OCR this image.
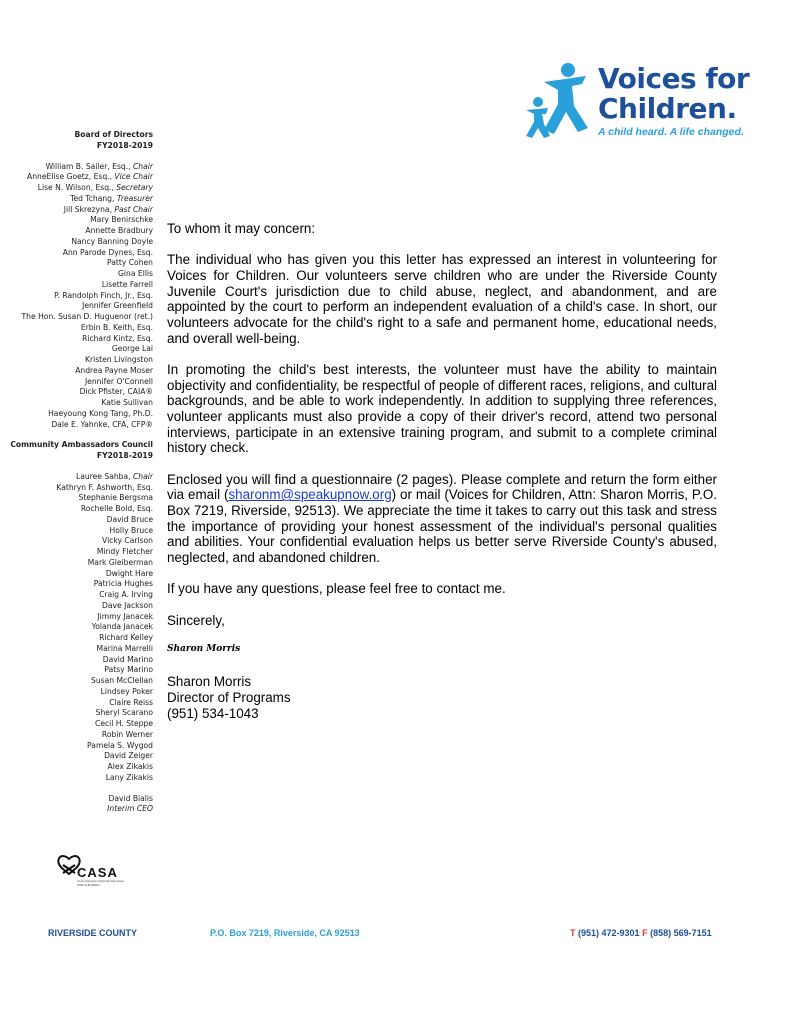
Voices for
Children.
A child heard. A life changed.
Board of Directors
FY2018-2019
William B. Sailer, Esq., Chair
AnneElise Goetz, Esq., Vice Chair
Lise N. Wilson, Esq., Secretary
Ted Tchang, Treasurer
Jill Skrezyna, Past Chair
Mary Benirschke
Annette Bradbury
Nancy Banning Doyle
Ann Parode Dynes, Esq.
Patty Cohen
Gina Ellis
Lisette Farrell
P. Randolph Finch, Jr., Esq.
Jennifer Greenfield
The Hon. Susan D. Huguenor (ret.)
Erbin B. Keith, Esq.
Richard Kintz, Esq.
George Lai
Kristen Livingston
Andrea Payne Moser
Jennifer O'Connell
Dick Pfister, CAIA®
Katie Sullivan
Haeyoung Kong Tang, Ph.D.
Dale E. Yahnke, CFA, CFP®
Community Ambassadors Council
FY2018-2019
Lauree Sahba, Chair
Kathryn F. Ashworth, Esq.
Stephanie Bergsma
Rochelle Bold, Esq.
David Bruce
Holly Bruce
Vicky Carlson
Mindy Fletcher
Mark Gleiberman
Dwight Hare
Patricia Hughes
Craig A. Irving
Dave Jackson
Jimmy Janacek
Yolanda Janacek
Richard Kelley
Marina Marrelli
David Marino
Patsy Marino
Susan McClellan
Lindsey Poker
Claire Reiss
Sheryl Scarano
Cecil H. Steppe
Robin Werner
Pamela S. Wygod
David Zeiger
Alex Zikakis
Lany Zikakis
David Bialis
Interim CEO
CASA
Court Appointed Special Advocates
FOR CHILDREN

To whom it may concern:

The individual who has given you this letter has expressed an interest in volunteering for Voices for Children. Our volunteers serve children who are under the Riverside County Juvenile Court's jurisdiction due to child abuse, neglect, and abandonment, and are appointed by the court to perform an independent evaluation of a child's case. In short, our volunteers advocate for the child's right to a safe and permanent home, educational needs, and overall well-being.

In promoting the child's best interests, the volunteer must have the ability to maintain objectivity and confidentiality, be respectful of people of different races, religions, and cultural backgrounds, and be able to work independently. In addition to supplying three references, volunteer applicants must also provide a copy of their driver's record, attend two personal interviews, participate in an extensive training program, and submit to a complete criminal history check.

Enclosed you will find a questionnaire (2 pages). Please complete and return the form either via email (sharonm@speakupnow.org) or mail (Voices for Children, Attn: Sharon Morris, P.O. Box 7219, Riverside, 92513). We appreciate the time it takes to carry out this task and stress the importance of providing your honest assessment of the individual's personal qualities and abilities. Your confidential evaluation helps us better serve Riverside County's abused, neglected, and abandoned children.

If you have any questions, please feel free to contact me.

Sincerely,

Sharon Morris
Sharon Morris
Director of Programs
(951) 534-1043
RIVERSIDE COUNTY	P.O. Box 7219, Riverside, CA 92513	T (951) 472-9301 F (858) 569-7151
